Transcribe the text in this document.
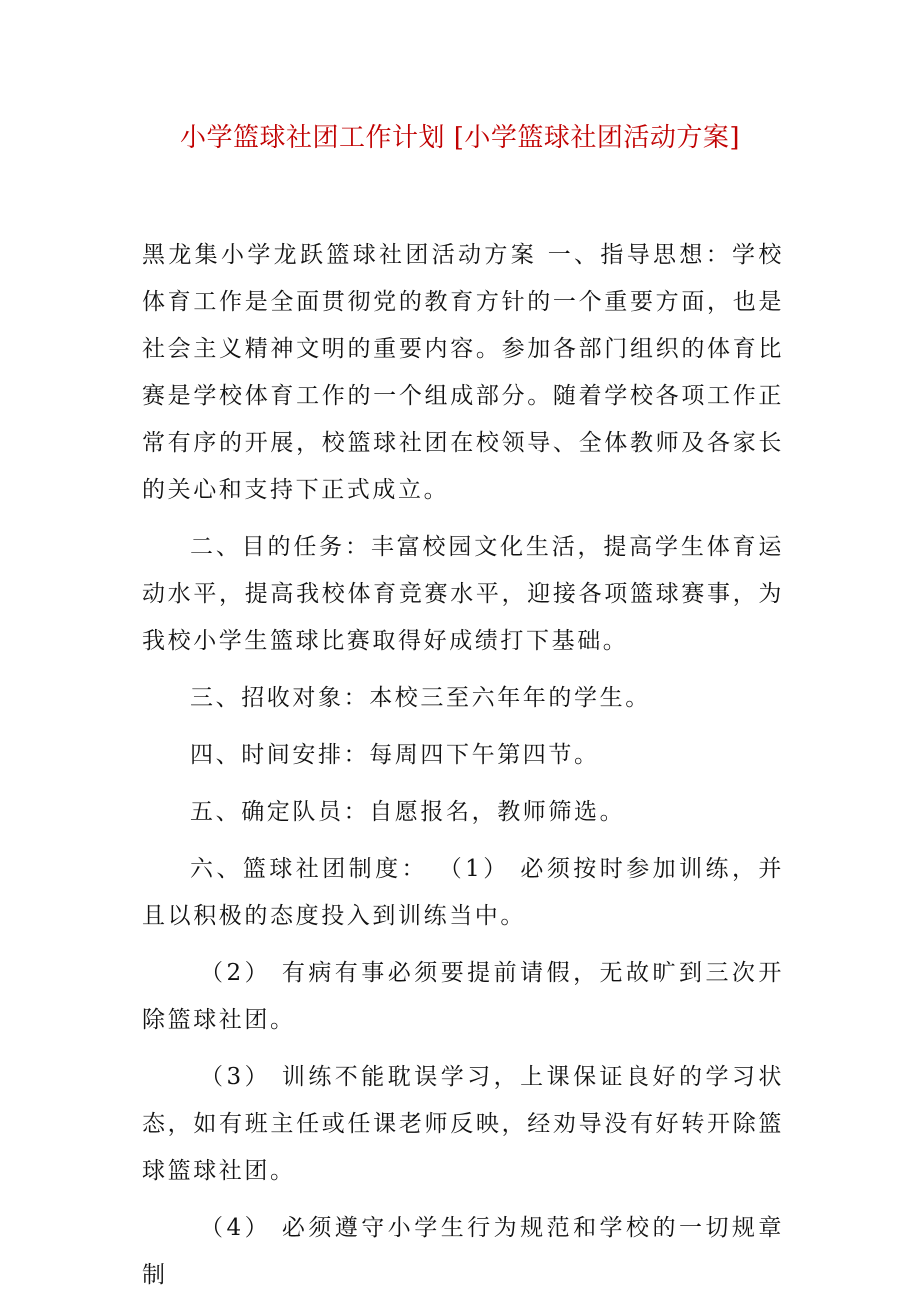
小学篮球社团工作计划 [小学篮球社团活动方案]

黑龙集小学龙跃篮球社团活动方案 一、指导思想：学校体育工作是全面贯彻党的教育方针的一个重要方面，也是社会主义精神文明的重要内容。参加各部门组织的体育比赛是学校体育工作的一个组成部分。随着学校各项工作正常有序的开展，校篮球社团在校领导、全体教师及各家长的关心和支持下正式成立。

二、目的任务：丰富校园文化生活，提高学生体育运动水平，提高我校体育竞赛水平，迎接各项篮球赛事，为我校小学生篮球比赛取得好成绩打下基础。

三、招收对象：本校三至六年年的学生。

四、时间安排：每周四下午第四节。

五、确定队员：自愿报名，教师筛选。

六、篮球社团制度： （1） 必须按时参加训练，并且以积极的态度投入到训练当中。

（2） 有病有事必须要提前请假，无故旷到三次开除篮球社团。

（3） 训练不能耽误学习，上课保证良好的学习状态，如有班主任或任课老师反映，经劝导没有好转开除篮球篮球社团。

（4） 必须遵守小学生行为规范和学校的一切规章制
